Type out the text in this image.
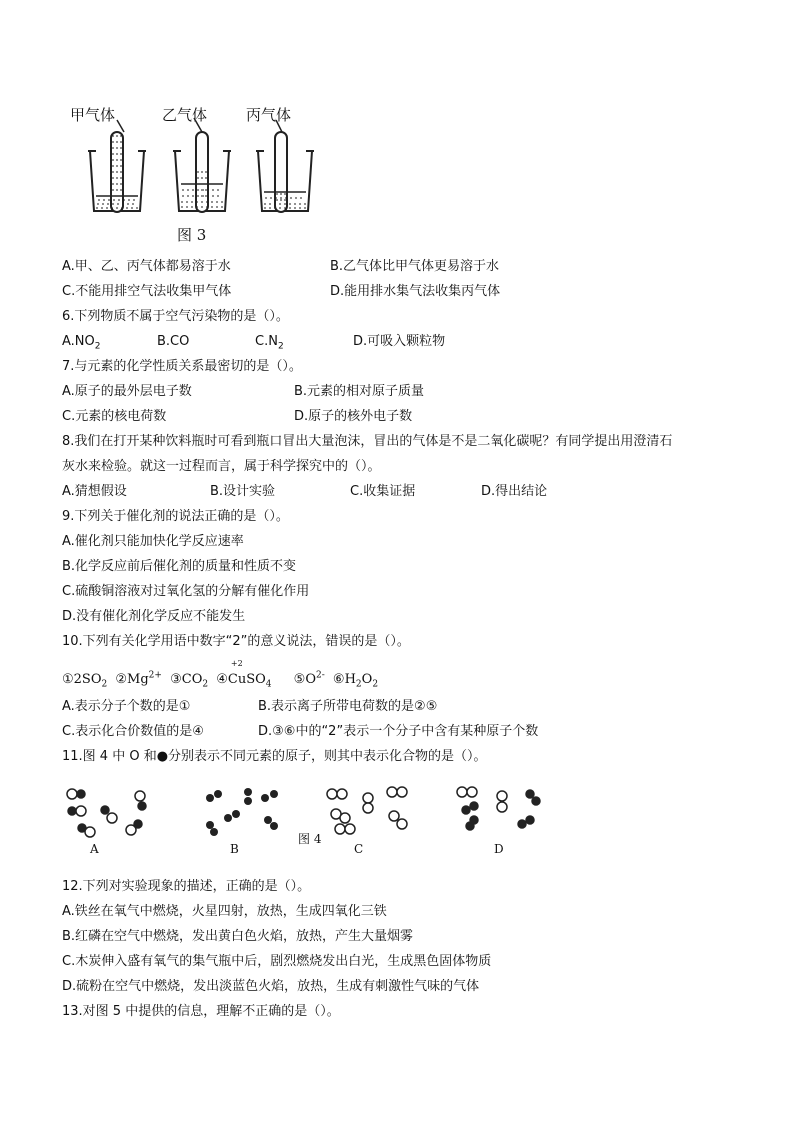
甲气体	乙气体	丙气体
图 3
A.甲、乙、丙气体都易溶于水	B.乙气体比甲气体更易溶于水
C.不能用排空气法收集甲气体	D.能用排水集气法收集丙气体
6.下列物质不属于空气污染物的是（）。
$A.NO_2$	B.CO	$C.N_2$	D.可吸入颗粒物
7.与元素的化学性质关系最密切的是（）。
A.原子的最外层电子数	B.元素的相对原子质量
C.元素的核电荷数	D.原子的核外电子数
8.我们在打开某种饮料瓶时可看到瓶口冒出大量泡沫，冒出的气体是不是二氧化碳呢？有同学提出用澄清石
灰水来检验。就这一过程而言，属于科学探究中的（）。
A.猜想假设	B.设计实验	C.收集证据	D.得出结论
9.下列关于催化剂的说法正确的是（）。
A.催化剂只能加快化学反应速率
B.化学反应前后催化剂的质量和性质不变
C.硫酸铜溶液对过氧化氢的分解有催化作用
D.没有催化剂化学反应不能发生
10.下列有关化学用语中数字“2”的意义说法，错误的是（）。
$①2SO_2$ $②Mg^{2+}$ $③CO_2$ ④
+2
CuSO$_4$ $⑤O^{2-}$ $⑥H_2O_2$
A.表示分子个数的是①	B.表示离子所带电荷数的是②⑤
C.表示化合价数值的是④	D.③⑥中的“2”表示一个分子中含有某种原子个数
11.图 4 中 O 和●分别表示不同元素的原子，则其中表示化合物的是（）。
图 4
A	B	C	D
12.下列对实验现象的描述，正确的是（）。
A.铁丝在氧气中燃烧，火星四射，放热，生成四氧化三铁
B.红磷在空气中燃烧，发出黄白色火焰，放热，产生大量烟雾
C.木炭伸入盛有氧气的集气瓶中后，剧烈燃烧发出白光，生成黑色固体物质
D.硫粉在空气中燃烧，发出淡蓝色火焰，放热，生成有刺激性气味的气体
13.对图 5 中提供的信息，理解不正确的是（）。
